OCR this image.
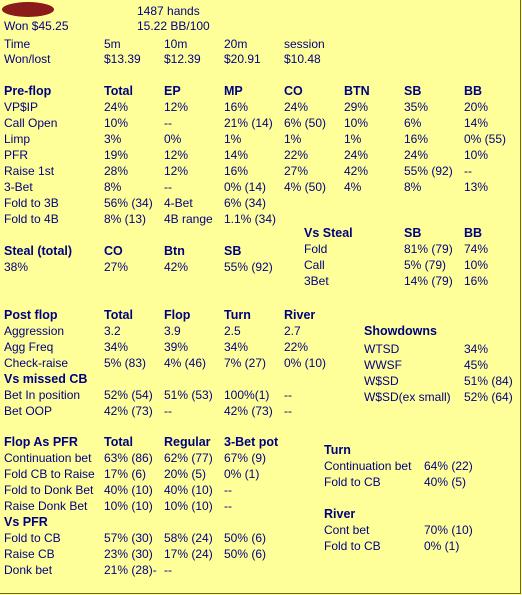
1487 hands
Won $45.25	15.22 BB/100
Time	5m	10m	20m	session
Won/lost	$13.39 $12.39 $20.91 $10.48
Pre-flop	Total EP	MP	CO	BTN	SB	BB
VP$IP	24%	12%	16%	24%	29%	35%	20%
Call Open	10%	--	21% (14) 6% (50) 10%	6%	14%
Limp	3%	0%	1%	1%	1%	16%	0% (55)
PFR	19%	12%	14%	22%	24%	24%	10%
Raise 1st	28%	12%	16%	27%	42%	55% (92) --
3-Bet	8%	--	0% (14) 4% (50) 4%	8%	13%
Fold to 3B	56% (34) 4-Bet	6% (34)
Fold to 4B	8% (13) 4B range 1.1% (34)
Vs Steal	SB	BB
Fold	81% (79) 74%
Call	5% (79) 10%
3Bet	14% (79) 16%
Steal (total)	CO	Btn	SB
38%	27%	42%	55% (92)
Post flop	Total Flop	Turn	River
Aggression	3.2	3.9	2.5	2.7
Agg Freq	34%	39%	34%	22%
Check-raise	5% (83) 4% (46) 7% (27) 0% (10)
Vs missed CB
Bet In position 52% (54) 51% (53) 100%(1) --
Bet OOP	42% (73) --	42% (73) --
Showdowns
WTSD	34%
WWSF	45%
W$SD	51% (84)
W$SD(ex small) 52% (64)
Flop As PFR Total Regular 3-Bet pot
Continuation bet 63% (86) 62% (77) 67% (9)
Fold CB to Raise 17% (6) 20% (5) 0% (1)
Fold to Donk Bet 40% (10) 40% (10) --
Raise Donk Bet 10% (10) 10% (10) --
Vs PFR
Fold to CB	57% (30) 58% (24) 50% (6)
Raise CB	23% (30) 17% (24) 50% (6)
Donk bet	21% (28)- --
Turn
Continuation bet 64% (22)
Fold to CB	40% (5)
River
Cont bet	70% (10)
Fold to CB	0% (1)
